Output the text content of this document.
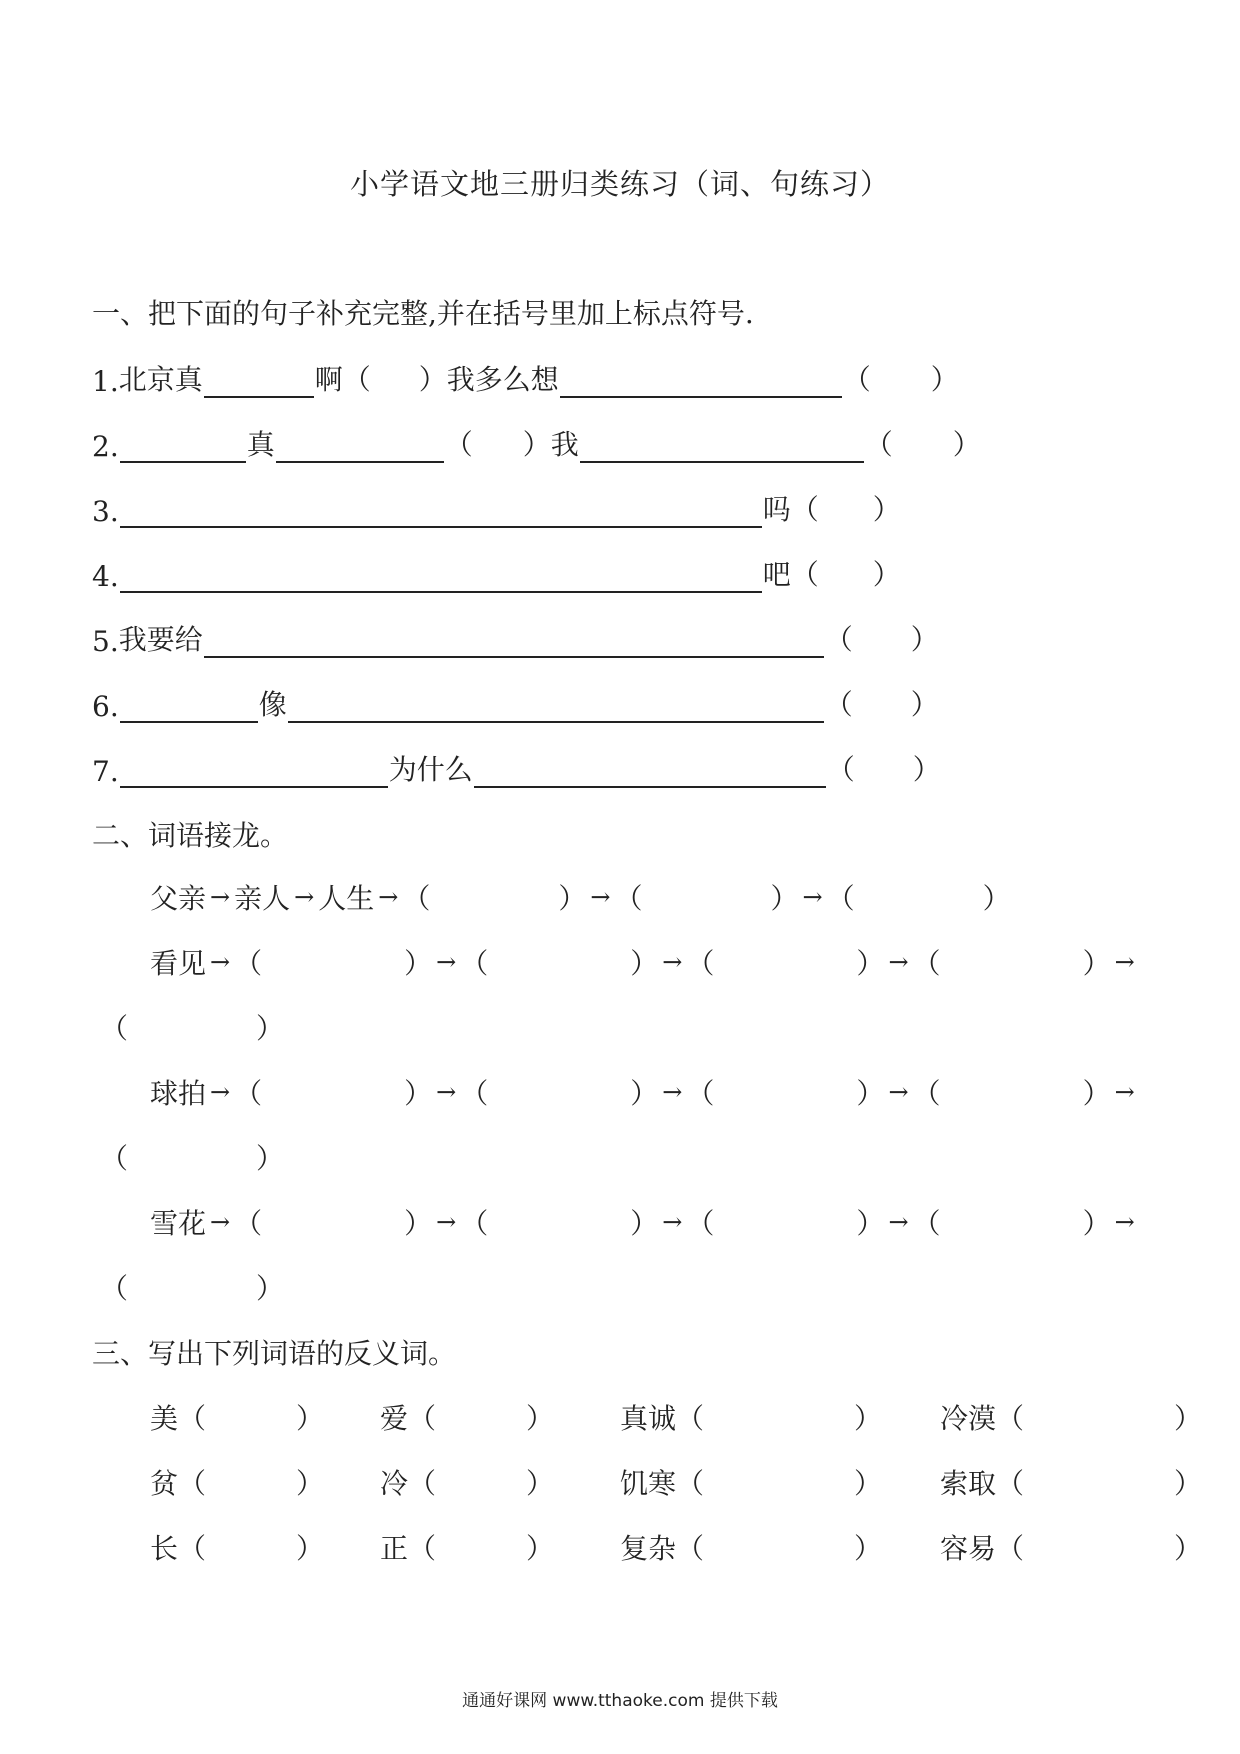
小学语文地三册归类练习（词、句练习）
一、把下面的句子补充完整,并在括号里加上标点符号.
1. 北京真	啊（ ）我多么想	（ ）
2.	真	（ ）我	（ ）
3.	吗（ ）
4.	吧（ ）
5. 我要给	（ ）
6.	像	（ ）
7.	为什么	（ ）
二、词语接龙。
父亲 → 亲人 → 人生 → （	） → （	） → （	）
看见 → （	） → （	） → （	） → （	） →
（	）
球拍 → （	） → （	） → （	） → （	） →
（	）
雪花 → （	） → （	） → （	） → （	） →
（	）
三、写出下列词语的反义词。
美 （	） 爱 （	） 真诚 （	） 冷漠 （	）
贫 （	） 冷 （	） 饥寒 （	） 索取 （	）
长 （	） 正 （	） 复杂 （	） 容易 （	）
通通好课网 www.tthaoke.com 提供下载
